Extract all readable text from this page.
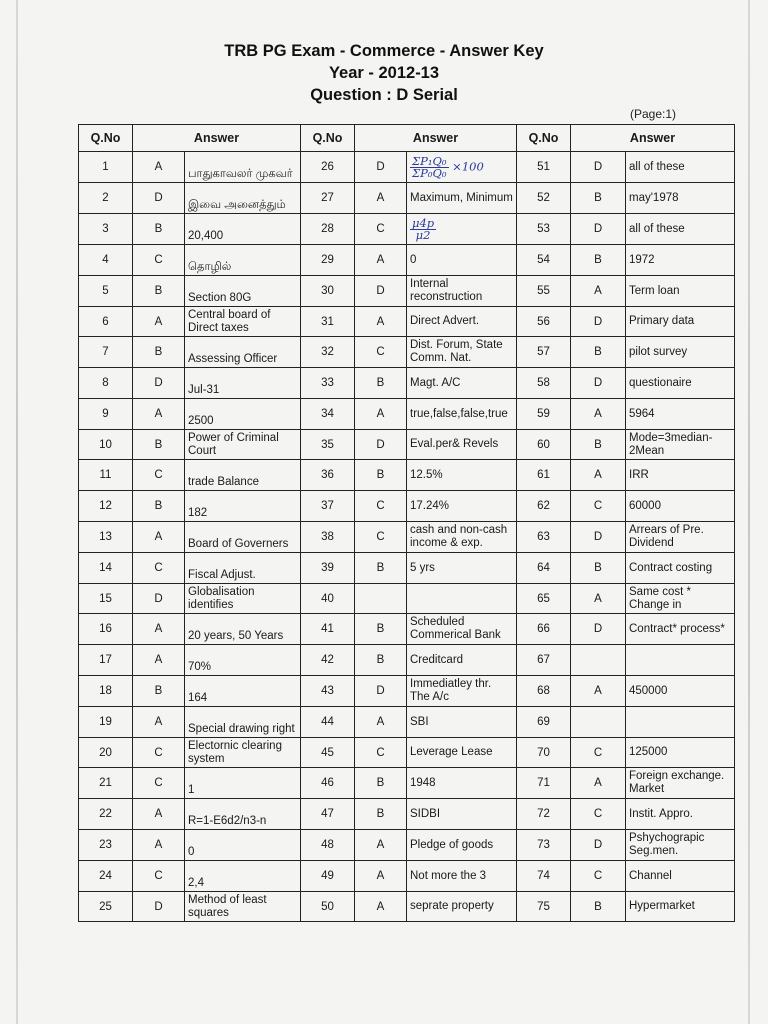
TRB PG Exam - Commerce - Answer Key
Year - 2012-13
Question : D Serial
(Page:1)
Q.No	Answer		Q.No	Answer		Q.No	Answer	
1	A	பாதுகாவலர் முகவர்	26	D	$\frac{\text{ΣP₁Q₀}}{\text{ΣP₀Q₀}} \times 100$	51	D	all of these
2	D	இவை அனைத்தும்	27	A	Maximum, Minimum	52	B	may'1978
3	B	20,400	28	C	$\frac{\mu 4p}{\mu 2}$	53	D	all of these
4	C	தொழில்	29	A	0	54	B	1972
5	B	Section 80G	30	D	Internal reconstruction	55	A	Term loan
6	A	Central board of Direct taxes	31	A	Direct Advert.	56	D	Primary data
7	B	Assessing Officer	32	C	Dist. Forum, State Comm. Nat.	57	B	pilot survey
8	D	Jul-31	33	B	Magt. A/C	58	D	questionaire
9	A	2500	34	A	true,false,false,true	59	A	5964
10	B	Power of Criminal Court	35	D	Eval.per& Revels	60	B	Mode=3median-2Mean
11	C	trade Balance	36	B	12.5%	61	A	IRR
12	B	182	37	C	17.24%	62	C	60000
13	A	Board of Governers	38	C	cash and non-cash income & exp.	63	D	Arrears of Pre. Dividend
14	C	Fiscal Adjust.	39	B	5 yrs	64	B	Contract costing
15	D	Globalisation identifies	40			65	A	Same cost * Change in
16	A	20 years, 50 Years	41	B	Scheduled Commerical Bank	66	D	Contract* process*
17	A	70%	42	B	Creditcard	67		
18	B	164	43	D	Immediatley thr. The A/c	68	A	450000
19	A	Special drawing right	44	A	SBI	69		
20	C	Electornic clearing system	45	C	Leverage Lease	70	C	125000
21	C	1	46	B	1948	71	A	Foreign exchange. Market
22	A	R=1-E6d2/n3-n	47	B	SIDBI	72	C	Instit. Appro.
23	A	0	48	A	Pledge of goods	73	D	Pshychograpic Seg.men.
24	C	2,4	49	A	Not more the 3	74	C	Channel
25	D	Method of least squares	50	A	seprate property	75	B	Hypermarket
